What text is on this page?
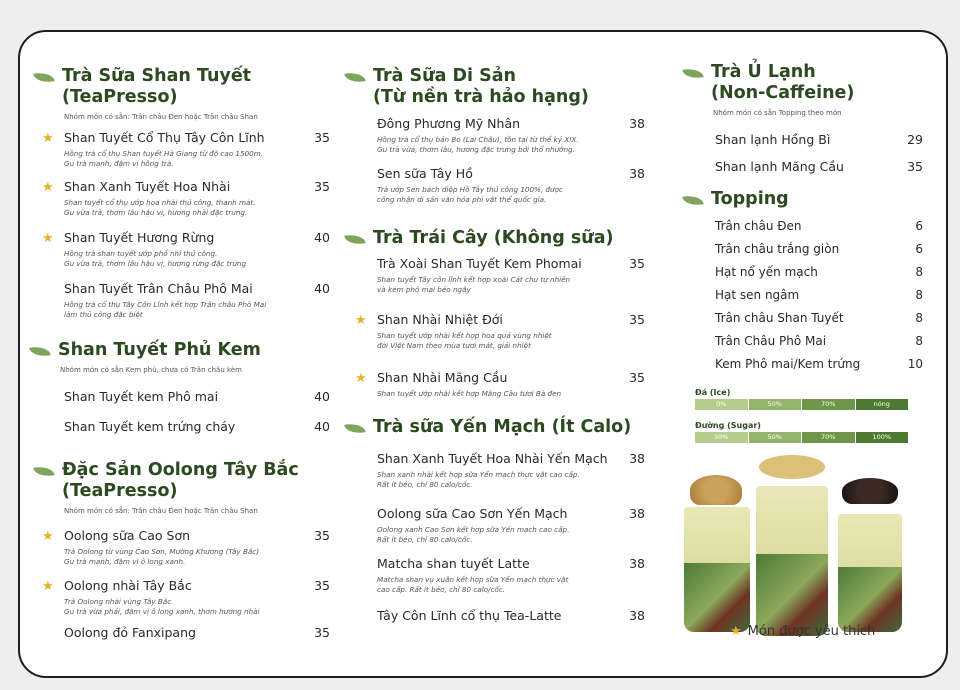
Trà Sữa Shan Tuyết
(TeaPresso)
Nhóm món có sẵn: Trân châu Đen hoặc Trân châu Shan
★ Shan Tuyết Cổ Thụ Tây Côn Lĩnh	35
Hồng trà cổ thụ Shan tuyết Hà Giang từ độ cao 1500m.
Gu trà mạnh, đậm vị hồng trà.
★ Shan Xanh Tuyết Hoa Nhài	35
Shan tuyết cổ thụ ướp hoa nhài thủ công, thanh mát.
Gu vừa trà, thơm lâu hậu vị, hương nhài đặc trưng.
★ Shan Tuyết Hương Rừng	40
Hồng trà shan tuyết ướp phổ nhĩ thủ công.
Gu vừa trà, thơm lâu hậu vị, hương rừng đặc trưng
Shan Tuyết Trân Châu Phô Mai	40
Hồng trà cổ thụ Tây Côn Lĩnh kết hợp Trân châu Phô Mai
làm thủ công đặc biệt
Shan Tuyết Phủ Kem
Nhóm món có sẵn Kem phủ, chưa có Trân châu kèm
Shan Tuyết kem Phô mai	40
Shan Tuyết kem trứng cháy	40
Đặc Sản Oolong Tây Bắc
(TeaPresso)
Nhóm món có sẵn: Trân châu Đen hoặc Trân châu Shan
★ Oolong sữa Cao Sơn	35
Trà Oolong từ vùng Cao Sơn, Mường Khương (Tây Bắc)
Gu trà mạnh, đậm vị ô long xanh.
★ Oolong nhài Tây Bắc	35
Trà Oolong nhài vùng Tây Bắc
Gu trà vừa phải, đậm vị ô long xanh, thơm hương nhài
Oolong đỏ Fanxipang	35
Trà Sữa Di Sản
(Từ nền trà hảo hạng)
Đông Phương Mỹ Nhân	38
Hồng trà cổ thụ bản Bo (Lai Châu), tồn tại từ thế kỷ XIX.
Gu trà vừa, thơm lâu, hương đặc trưng bởi thổ nhưỡng.
Sen sữa Tây Hồ	38
Trà ướp Sen bách diệp Hồ Tây thủ công 100%, được
công nhận di sản văn hóa phi vật thể quốc gia.
Trà Trái Cây (Không sữa)
Trà Xoài Shan Tuyết Kem Phomai	35
Shan tuyết Tây côn lĩnh kết hợp xoài Cát chu tự nhiên
và kem phô mai béo ngậy
★ Shan Nhài Nhiệt Đới	35
Shan tuyết ướp nhài kết hợp hoa quả vùng nhiệt
đới Việt Nam theo mùa tươi mát, giải nhiệt
★ Shan Nhài Mãng Cầu	35
Shan tuyết ướp nhài kết hợp Mãng Cầu tươi Bà đen
Trà sữa Yến Mạch (Ít Calo)
Shan Xanh Tuyết Hoa Nhài Yến Mạch	38
Shan xanh nhài kết hợp sữa Yến mạch thực vật cao cấp.
Rất ít béo, chỉ 80 calo/cốc.
Oolong sữa Cao Sơn Yến Mạch	38
Oolong xanh Cao Sơn kết hợp sữa Yến mạch cao cấp.
Rất ít béo, chỉ 80 calo/cốc.
Matcha shan tuyết Latte	38
Matcha shan vụ xuân kết hợp sữa Yến mạch thực vật
cao cấp. Rất ít béo, chỉ 80 calo/cốc.
Tây Côn Lĩnh cổ thụ Tea-Latte	38
Trà Ủ Lạnh
(Non-Caffeine)
Nhóm món có sẵn Topping theo món
Shan lạnh Hồng Bì	29
Shan lạnh Mãng Cầu	35
Topping
Trân châu Đen	6
Trân châu trắng giòn	6
Hạt nổ yến mạch	8
Hạt sen ngâm	8
Trân châu Shan Tuyết	8
Trân Châu Phô Mai	8
Kem Phô mai/Kem trứng	10
Đá (Ice)
0%	50%	70%	nóng
Đường (Sugar)
30%	50%	70%	100%
★ Món được yêu thích
